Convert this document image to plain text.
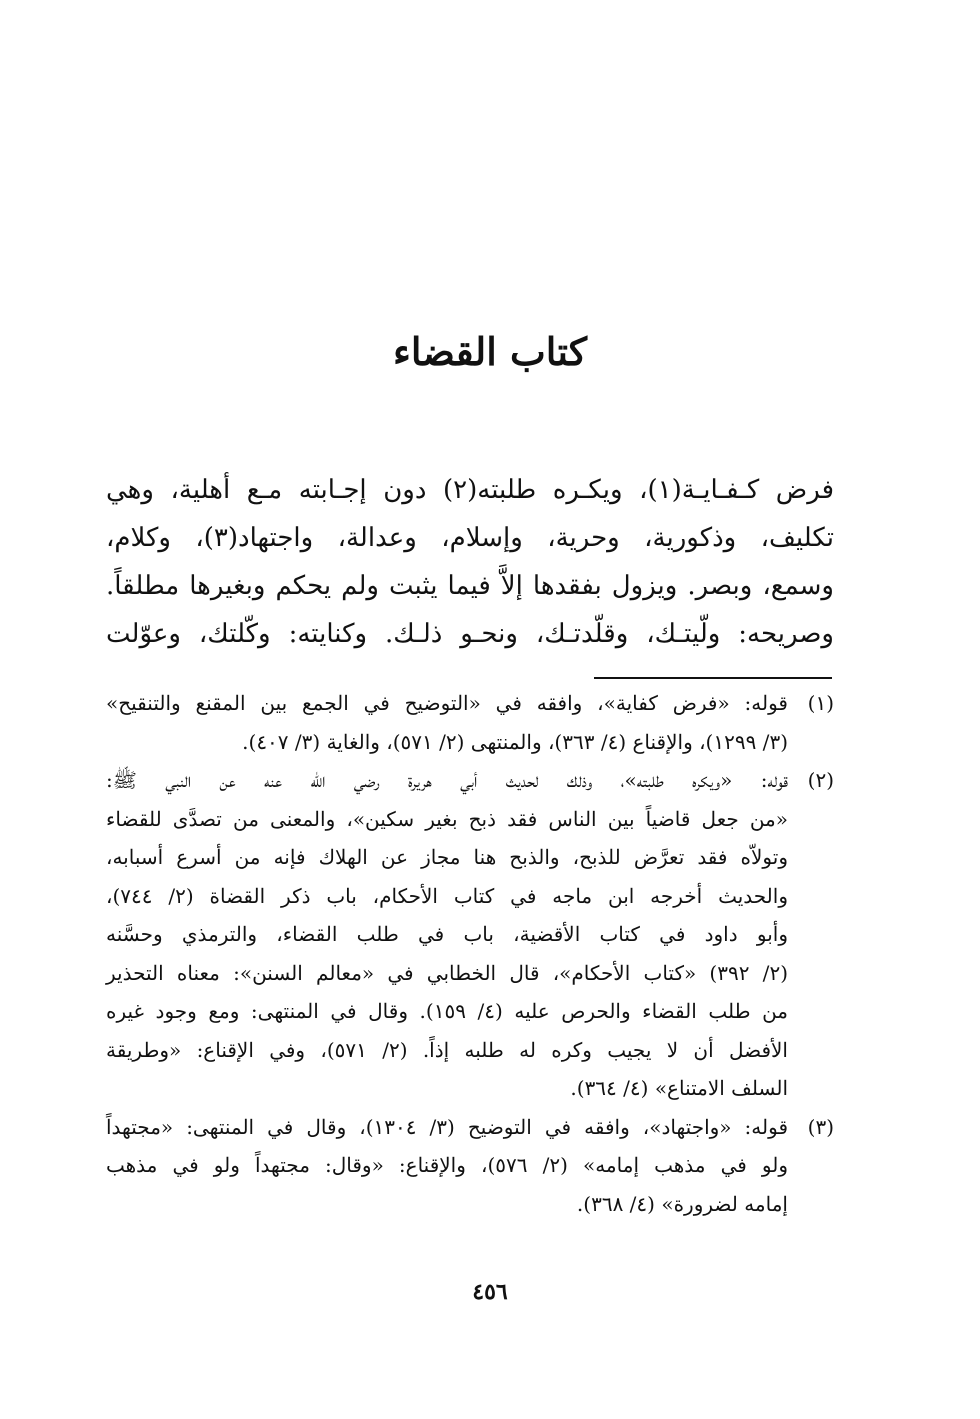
كتاب القضاء
فرض كـفـايـة(١)، ويكـره طلبته(٢) دون إجـابته مـع أهلية، وهي
تكليف، وذكورية، وحرية، وإسلام، وعدالة، واجتهاد(٣)، وكلام،
وسمع، وبصر. ويزول بفقدها إلاَّ فيما يثبت ولم يحكم وبغيرها مطلقاً.
وصريحه: ولّيتـك، وقلّدتـك، ونحـو ذلـك. وكنايته: وكّلتك، وعوّلت
(١)
قوله: «فرض كفاية»، وافقه في «التوضيح في الجمع بين المقنع والتنقيح»
(٣/ ١٢٩٩)، والإقناع (٤/ ٣٦٣)، والمنتهى (٢/ ٥٧١)، والغاية (٣/ ٤٠٧).
(٢)
قوله: «ويكره طلبته»، وذلك لحديث أبي هريرة رضي الله عنه عن النبي ﷺ:
«من جعل قاضياً بين الناس فقد ذبح بغير سكين»، والمعنى من تصدَّى للقضاء
وتولاّه فقد تعرَّض للذبح، والذبح هنا مجاز عن الهلاك فإنه من أسرع أسبابه،
والحديث أخرجه ابن ماجه في كتاب الأحكام، باب ذكر القضاة (٢/ ٧٤٤)،
وأبو داود في كتاب الأقضية، باب في طلب القضاء، والترمذي وحسَّنه
(٢/ ٣٩٢) «كتاب الأحكام»، قال الخطابي في «معالم السنن»: معناه التحذير
من طلب القضاء والحرص عليه (٤/ ١٥٩). وقال في المنتهى: ومع وجود غيره
الأفضل أن لا يجيب وكره له طلبه إذاً. (٢/ ٥٧١)، وفي الإقناع: «وطريقة
السلف الامتناع» (٤/ ٣٦٤).
(٣)
قوله: «واجتهاد»، وافقه في التوضيح (٣/ ١٣٠٤)، وقال في المنتهى: «مجتهداً
ولو في مذهب إمامه» (٢/ ٥٧٦)، والإقناع: «وقال: مجتهداً ولو في مذهب
إمامه لضرورة» (٤/ ٣٦٨).
٤٥٦
